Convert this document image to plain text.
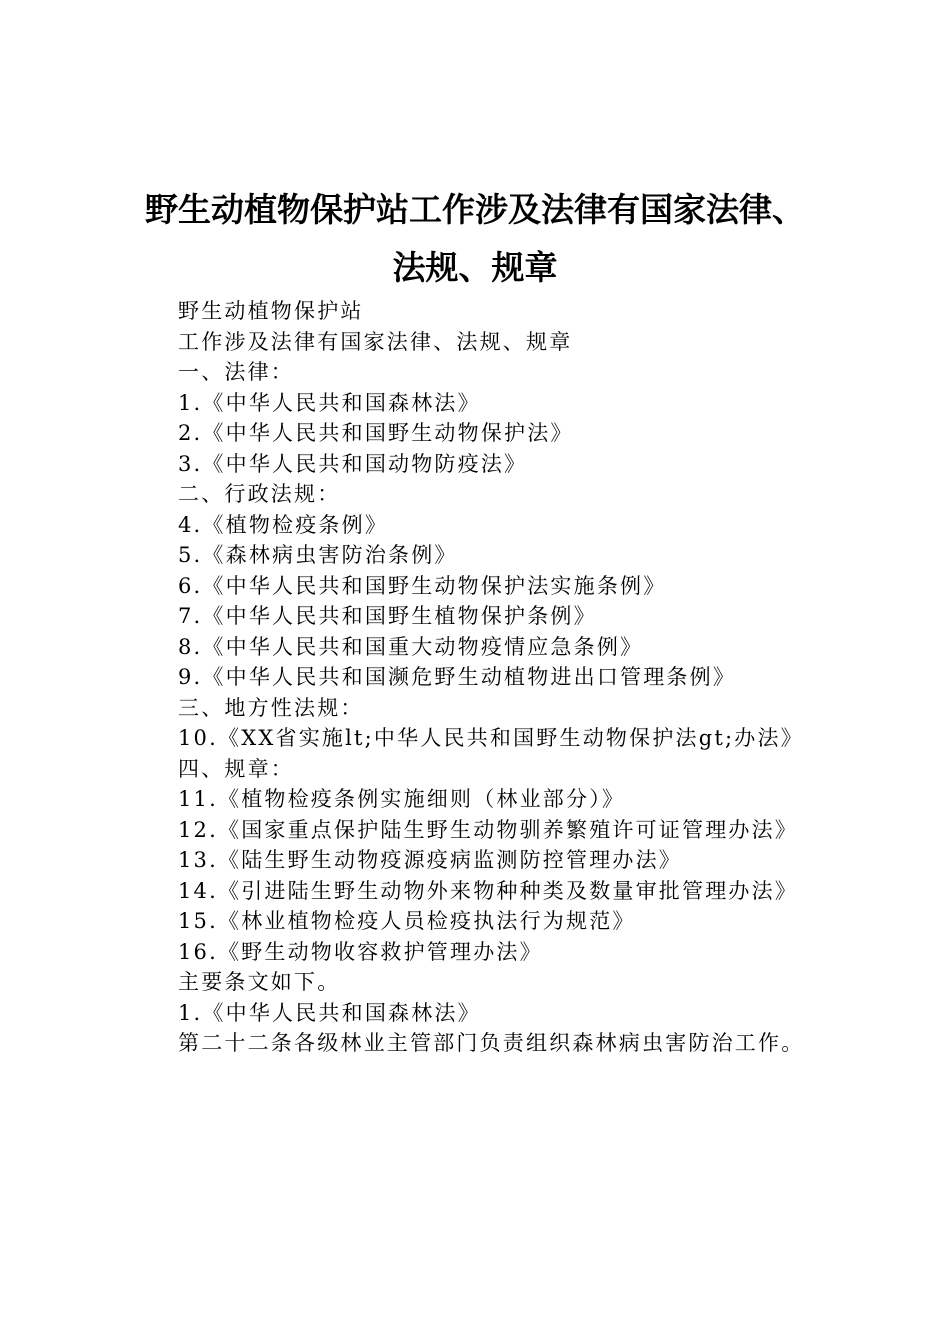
野生动植物保护站工作涉及法律有国家法律、
法规、规章

野生动植物保护站

工作涉及法律有国家法律、法规、规章

一、法律：

1.《中华人民共和国森林法》

2.《中华人民共和国野生动物保护法》

3.《中华人民共和国动物防疫法》

二、行政法规：

4.《植物检疫条例》

5.《森林病虫害防治条例》

6.《中华人民共和国野生动物保护法实施条例》

7.《中华人民共和国野生植物保护条例》

8.《中华人民共和国重大动物疫情应急条例》

9.《中华人民共和国濒危野生动植物进出口管理条例》

三、地方性法规：

10.《XX省实施lt;中华人民共和国野生动物保护法gt;办法》

四、规章：

11.《植物检疫条例实施细则（林业部分）》

12.《国家重点保护陆生野生动物驯养繁殖许可证管理办法》

13.《陆生野生动物疫源疫病监测防控管理办法》

14.《引进陆生野生动物外来物种种类及数量审批管理办法》

15.《林业植物检疫人员检疫执法行为规范》

16.《野生动物收容救护管理办法》

主要条文如下。

1.《中华人民共和国森林法》

第二十二条各级林业主管部门负责组织森林病虫害防治工作。
